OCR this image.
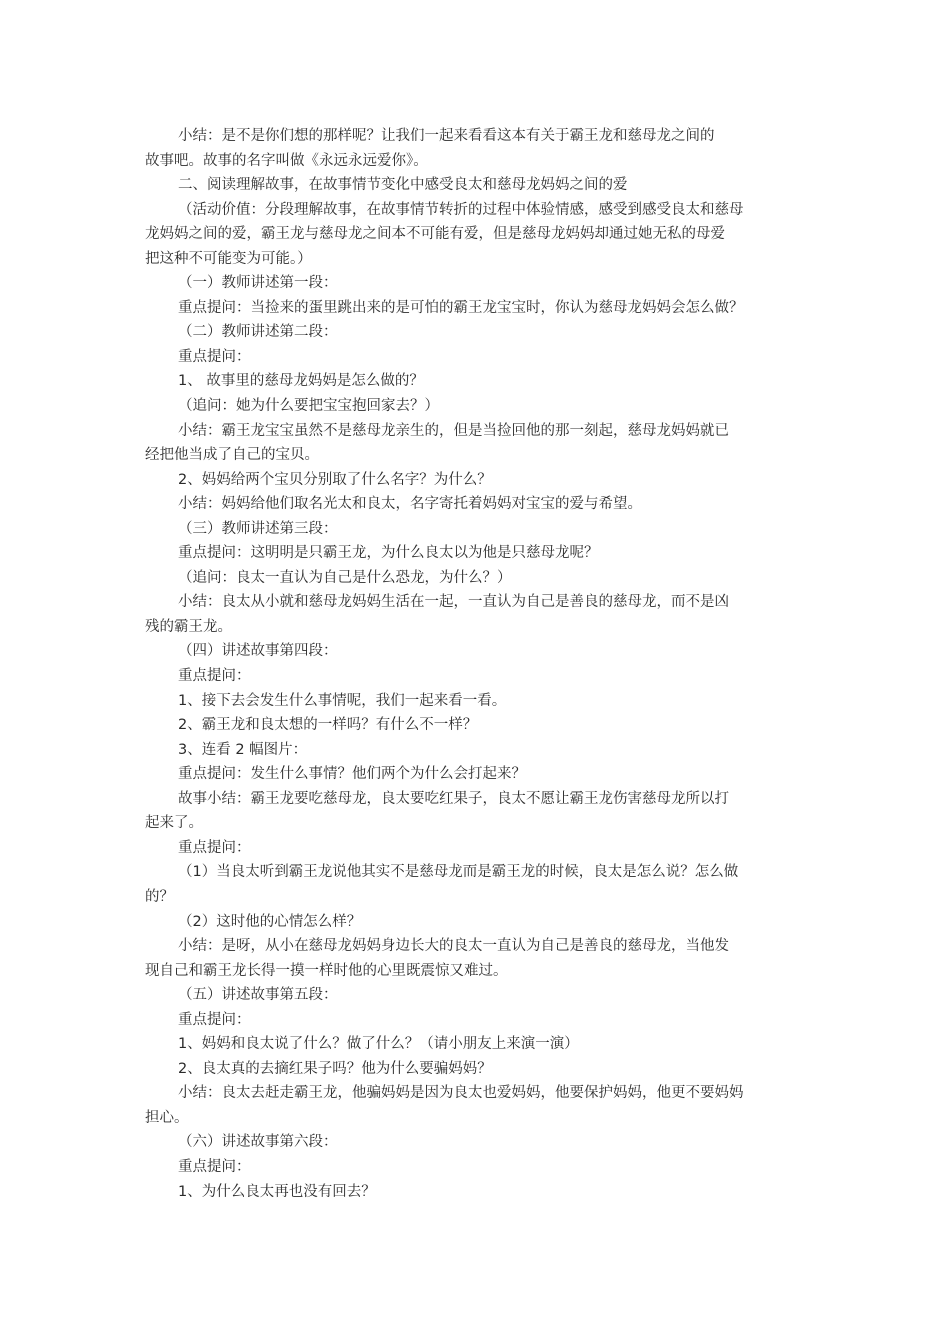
小结：是不是你们想的那样呢？让我们一起来看看这本有关于霸王龙和慈母龙之间的
故事吧。故事的名字叫做《永远永远爱你》。
二、阅读理解故事，在故事情节变化中感受良太和慈母龙妈妈之间的爱
（活动价值：分段理解故事，在故事情节转折的过程中体验情感，感受到感受良太和慈母
龙妈妈之间的爱，霸王龙与慈母龙之间本不可能有爱，但是慈母龙妈妈却通过她无私的母爱
把这种不可能变为可能。）
（一）教师讲述第一段：
重点提问：当捡来的蛋里跳出来的是可怕的霸王龙宝宝时，你认为慈母龙妈妈会怎么做？
（二）教师讲述第二段：
重点提问：
1、 故事里的慈母龙妈妈是怎么做的？
（追问：她为什么要把宝宝抱回家去？）
小结：霸王龙宝宝虽然不是慈母龙亲生的，但是当捡回他的那一刻起，慈母龙妈妈就已
经把他当成了自己的宝贝。
2、妈妈给两个宝贝分别取了什么名字？为什么？
小结：妈妈给他们取名光太和良太，名字寄托着妈妈对宝宝的爱与希望。
（三）教师讲述第三段：
重点提问：这明明是只霸王龙，为什么良太以为他是只慈母龙呢？
（追问：良太一直认为自己是什么恐龙，为什么？）
小结：良太从小就和慈母龙妈妈生活在一起，一直认为自己是善良的慈母龙，而不是凶
残的霸王龙。
（四）讲述故事第四段：
重点提问：
1、接下去会发生什么事情呢，我们一起来看一看。
2、霸王龙和良太想的一样吗？有什么不一样？
3、连看 2 幅图片：
重点提问：发生什么事情？他们两个为什么会打起来？
故事小结：霸王龙要吃慈母龙，良太要吃红果子，良太不愿让霸王龙伤害慈母龙所以打
起来了。
重点提问：
（1）当良太听到霸王龙说他其实不是慈母龙而是霸王龙的时候，良太是怎么说？怎么做
的？
（2）这时他的心情怎么样？
小结：是呀，从小在慈母龙妈妈身边长大的良太一直认为自己是善良的慈母龙，当他发
现自己和霸王龙长得一摸一样时他的心里既震惊又难过。
（五）讲述故事第五段：
重点提问：
1、妈妈和良太说了什么？做了什么？（请小朋友上来演一演）
2、良太真的去摘红果子吗？他为什么要骗妈妈？
小结：良太去赶走霸王龙，他骗妈妈是因为良太也爱妈妈，他要保护妈妈，他更不要妈妈
担心。
（六）讲述故事第六段：
重点提问：
1、为什么良太再也没有回去？
